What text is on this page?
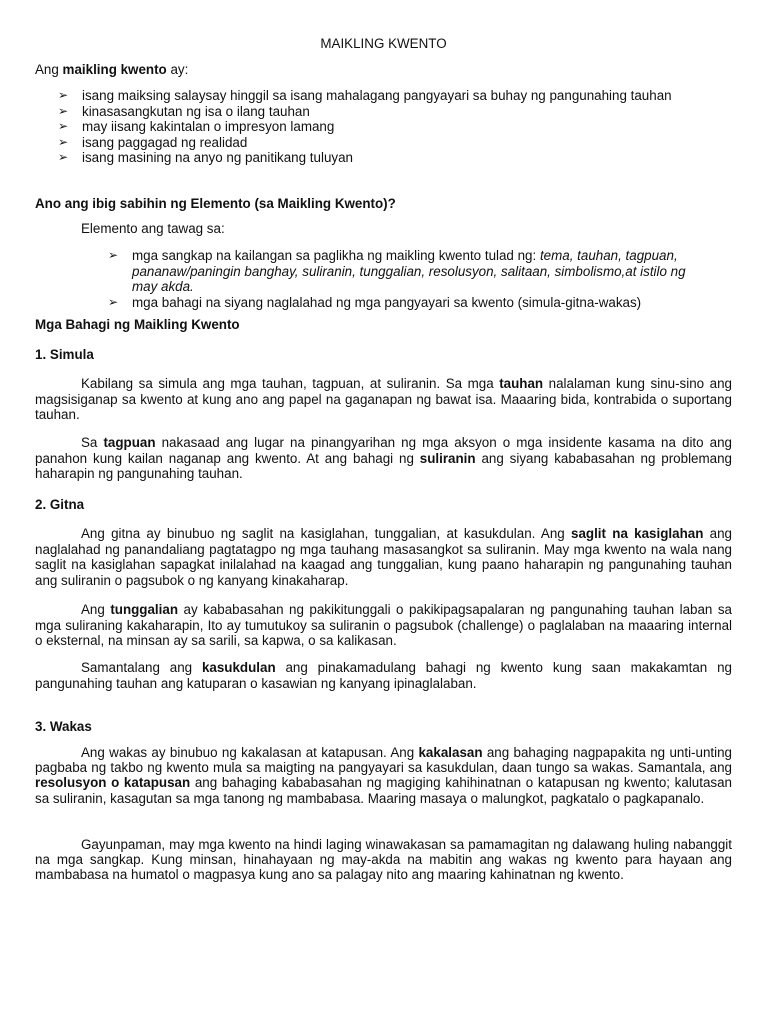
MAIKLING KWENTO

Ang maikling kwento ay:

➢ isang maiksing salaysay hinggil sa isang mahalagang pangyayari sa buhay ng pangunahing tauhan
➢ kinasasangkutan ng isa o ilang tauhan
➢ may iisang kakintalan o impresyon lamang
➢ isang paggagad ng realidad
➢ isang masining na anyo ng panitikang tuluyan

Ano ang ibig sabihin ng Elemento (sa Maikling Kwento)?

Elemento ang tawag sa:

➢ mga sangkap na kailangan sa paglikha ng maikling kwento tulad ng: tema, tauhan, tagpuan, pananaw/paningin banghay, suliranin, tunggalian, resolusyon, salitaan, simbolismo,at istilo ng may akda.
➢ mga bahagi na siyang naglalahad ng mga pangyayari sa kwento (simula-gitna-wakas)

Mga Bahagi ng Maikling Kwento

1. Simula

Kabilang sa simula ang mga tauhan, tagpuan, at suliranin. Sa mga tauhan nalalaman kung sinu-sino ang magsisiganap sa kwento at kung ano ang papel na gaganapan ng bawat isa. Maaaring bida, kontrabida o suportang tauhan.

Sa tagpuan nakasaad ang lugar na pinangyarihan ng mga aksyon o mga insidente kasama na dito ang panahon kung kailan naganap ang kwento. At ang bahagi ng suliranin ang siyang kababasahan ng problemang haharapin ng pangunahing tauhan.

2. Gitna

Ang gitna ay binubuo ng saglit na kasiglahan, tunggalian, at kasukdulan. Ang saglit na kasiglahan ang naglalahad ng panandaliang pagtatagpo ng mga tauhang masasangkot sa suliranin. May mga kwento na wala nang saglit na kasiglahan sapagkat inilalahad na kaagad ang tunggalian, kung paano haharapin ng pangunahing tauhan ang suliranin o pagsubok o ng kanyang kinakaharap.

Ang tunggalian ay kababasahan ng pakikitunggali o pakikipagsapalaran ng pangunahing tauhan laban sa mga suliraning kakaharapin, Ito ay tumutukoy sa suliranin o pagsubok (challenge) o paglalaban na maaaring internal o eksternal, na minsan ay sa sarili, sa kapwa, o sa kalikasan.

Samantalang ang kasukdulan ang pinakamadulang bahagi ng kwento kung saan makakamtan ng pangunahing tauhan ang katuparan o kasawian ng kanyang ipinaglalaban.

3. Wakas

Ang wakas ay binubuo ng kakalasan at katapusan. Ang kakalasan ang bahaging nagpapakita ng unti-unting pagbaba ng takbo ng kwento mula sa maigting na pangyayari sa kasukdulan, daan tungo sa wakas. Samantala, ang resolusyon o katapusan ang bahaging kababasahan ng magiging kahihinatnan o katapusan ng kwento; kalutasan sa suliranin, kasagutan sa mga tanong ng mambabasa. Maaring masaya o malungkot, pagkatalo o pagkapanalo.

Gayunpaman, may mga kwento na hindi laging winawakasan sa pamamagitan ng dalawang huling nabanggit na mga sangkap. Kung minsan, hinahayaan ng may-akda na mabitin ang wakas ng kwento para hayaan ang mambabasa na humatol o magpasya kung ano sa palagay nito ang maaring kahinatnan ng kwento.
